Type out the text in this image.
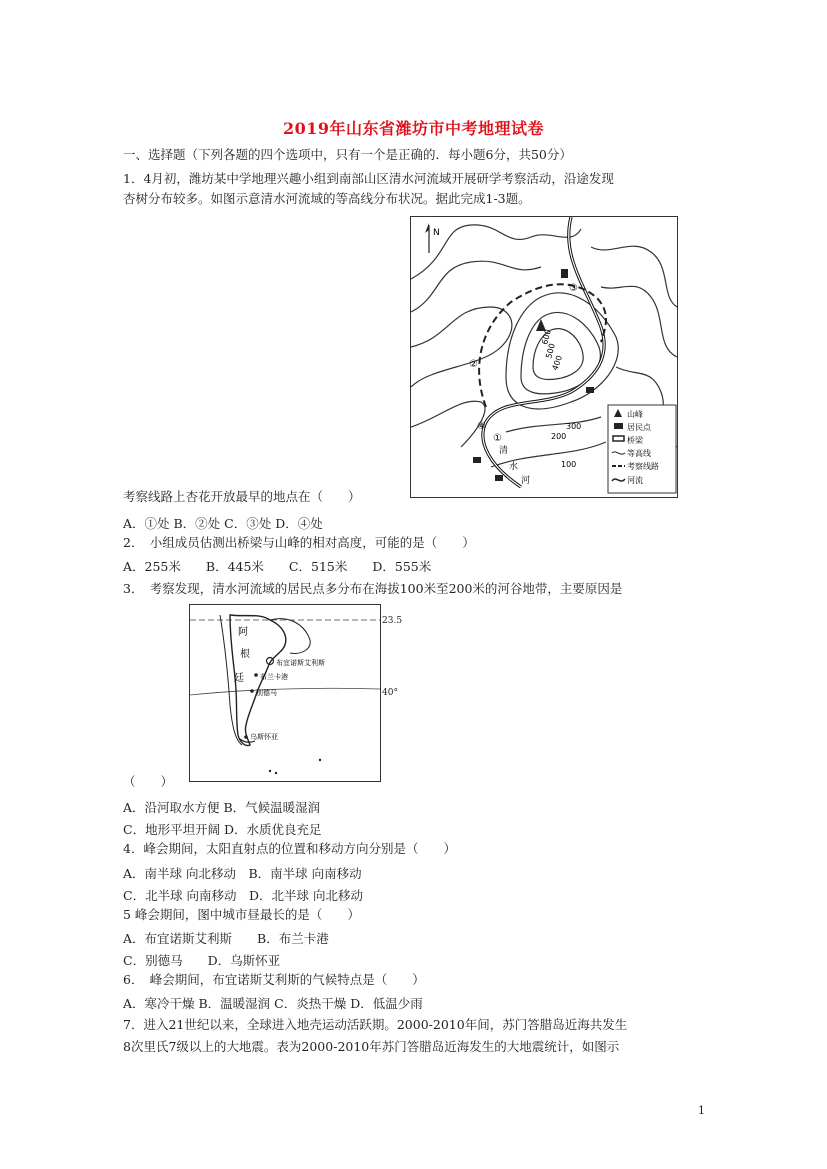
2019年山东省潍坊市中考地理试卷
一、选择题（下列各题的四个选项中，只有一个是正确的．每小题6分，共50分）
1．4月初，潍坊某中学地理兴趣小组到南部山区清水河流域开展研学考察活动，沿途发现
杏树分布较多。如图示意清水河流域的等高线分布状况。据此完成1-3题。
N
600
500
400
300
200
100
②
③
①
④
清
水
河
山峰
居民点
桥梁
等高线
考察线路
河流
考察线路上杏花开放最早的地点在（　　）
A．①处 B．②处 C．③处 D．④处
2．　小组成员估测出桥梁与山峰的相对高度，可能的是（　　）
A．255米　　B．445米　　C．515米　　D．555米
3．　考察发现，清水河流域的居民点多分布在海拔100米至200米的河谷地带，主要原因是
阿
根
廷
布宜诺斯艾利斯
布兰卡港
别德马
乌斯怀亚
23.5
40°
（　　）
A．沿河取水方便 B．气候温暖湿润
C．地形平坦开阔 D．水质优良充足
4．峰会期间，太阳直射点的位置和移动方向分别是（　　）
A．南半球 向北移动　B．南半球 向南移动
C．北半球 向南移动　D．北半球 向北移动
5 峰会期间，图中城市昼最长的是（　　）
A．布宜诺斯艾利斯　　B．布兰卡港
C．别德马　　D．乌斯怀亚
6．　峰会期间，布宜诺斯艾利斯的气候特点是（　　）
A．寒冷干燥 B．温暖湿润 C．炎热干燥 D．低温少雨
7．进入21世纪以来，全球进入地壳运动活跃期。2000-2010年间，苏门答腊岛近海共发生
8次里氏7级以上的大地震。表为2000-2010年苏门答腊岛近海发生的大地震统计，如图示
1
